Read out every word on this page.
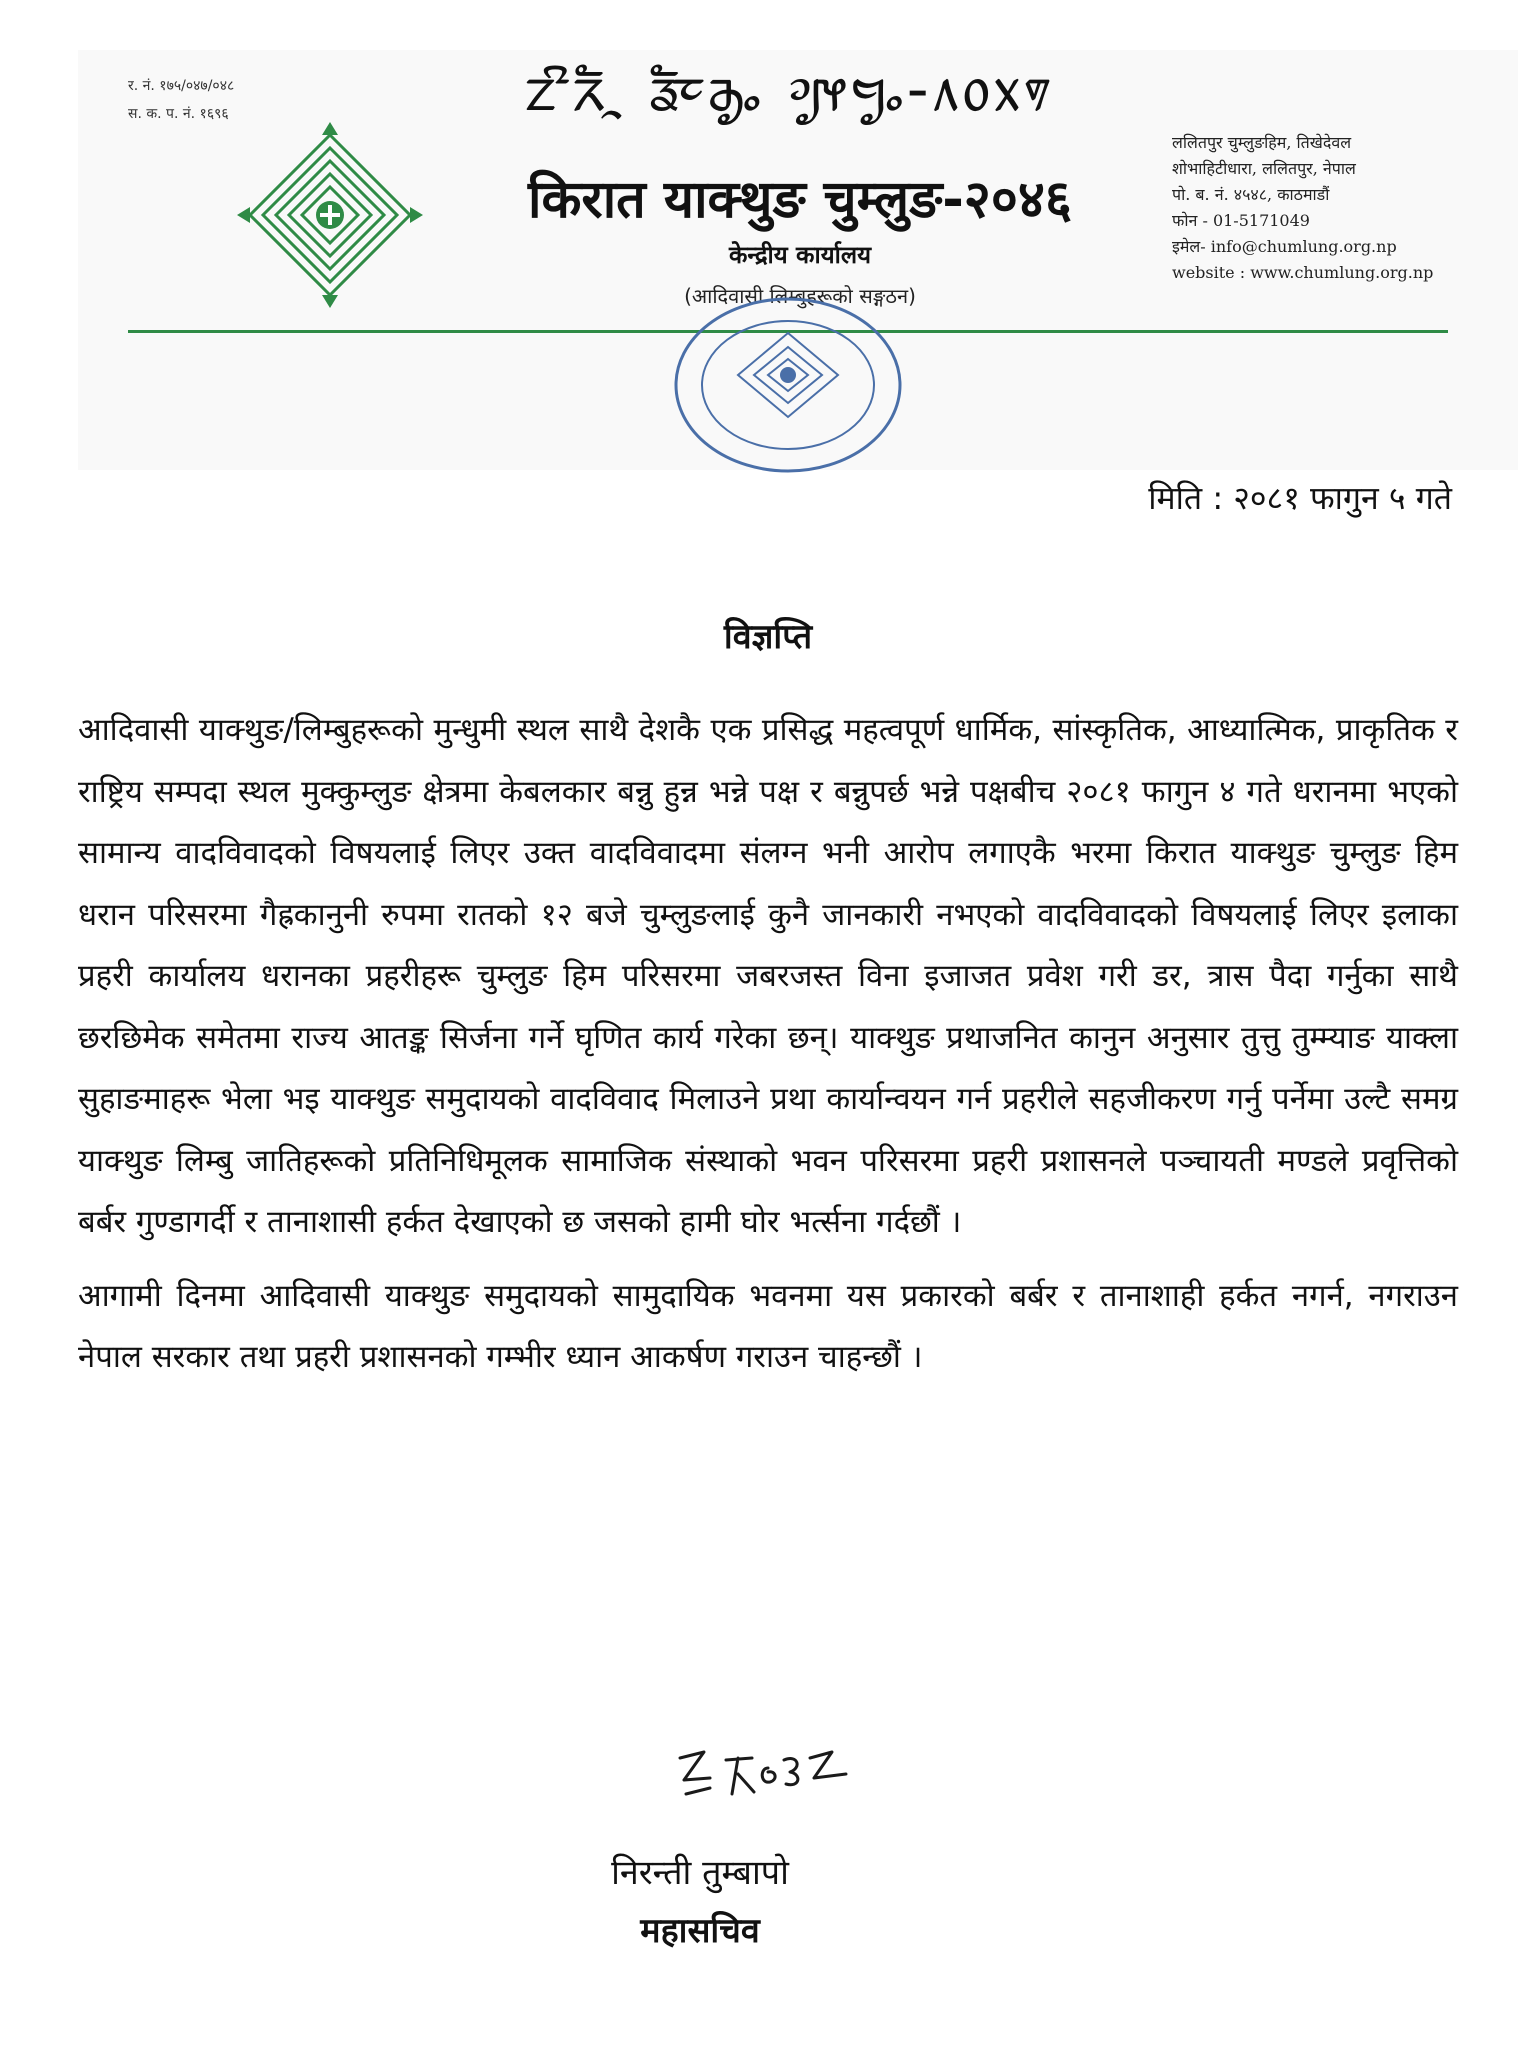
र. नं. १७५/०४७/०४८
स. क. प. नं. १६९६	ᤁᤡᤖᤠᤳ ᤕᤠᤰᤌᤢᤱ ᤆᤢᤶᤗᤢᤱ-᥈᥆᥊᥏
किरात याक्थुङ चुम्लुङ-२०४६
केन्द्रीय कार्यालय
(आदिवासी लिम्बुहरूको सङ्गठन)
ललितपुर चुम्लुङहिम, तिखेदेवल
शोभाहिटीधारा, ललितपुर, नेपाल
पो. ब. नं. ४५४८, काठमाडौं
फोन - 01-5171049
इमेल- info@chumlung.org.np
website : www.chumlung.org.np
मिति : २०८१ फागुन ५ गते
विज्ञप्ति

आदिवासी याक्थुङ/लिम्बुहरूको मुन्धुमी स्थल साथै देशकै एक प्रसिद्ध महत्वपूर्ण धार्मिक, सांस्कृतिक, आध्यात्मिक, प्राकृतिक र राष्ट्रिय सम्पदा स्थल मुक्कुम्लुङ क्षेत्रमा केबलकार बन्नु हुन्न भन्ने पक्ष र बन्नुपर्छ भन्ने पक्षबीच २०८१ फागुन ४ गते धरानमा भएको सामान्य वादविवादको विषयलाई लिएर उक्त वादविवादमा संलग्न भनी आरोप लगाएकै भरमा किरात याक्थुङ चुम्लुङ हिम धरान परिसरमा गैह्रकानुनी रुपमा रातको १२ बजे चुम्लुङलाई कुनै जानकारी नभएको वादविवादको विषयलाई लिएर इलाका प्रहरी कार्यालय धरानका प्रहरीहरू चुम्लुङ हिम परिसरमा जबरजस्त विना इजाजत प्रवेश गरी डर, त्रास पैदा गर्नुका साथै छरछिमेक समेतमा राज्य आतङ्क सिर्जना गर्ने घृणित कार्य गरेका छन्। याक्थुङ प्रथाजनित कानुन अनुसार तुत्तु तुम्म्याङ याक्ला सुहाङमाहरू भेला भइ याक्थुङ समुदायको वादविवाद मिलाउने प्रथा कार्यान्वयन गर्न प्रहरीले सहजीकरण गर्नु पर्नेमा उल्टै समग्र याक्थुङ लिम्बु जातिहरूको प्रतिनिधिमूलक सामाजिक संस्थाको भवन परिसरमा प्रहरी प्रशासनले पञ्चायती मण्डले प्रवृत्तिको बर्बर गुण्डागर्दी र तानाशासी हर्कत देखाएको छ जसको हामी घोर भर्त्सना गर्दछौं ।

आगामी दिनमा आदिवासी याक्थुङ समुदायको सामुदायिक भवनमा यस प्रकारको बर्बर र तानाशाही हर्कत नगर्न, नगराउन नेपाल सरकार तथा प्रहरी प्रशासनको गम्भीर ध्यान आकर्षण गराउन चाहन्छौं ।

निरन्ती तुम्बापो
महासचिव
